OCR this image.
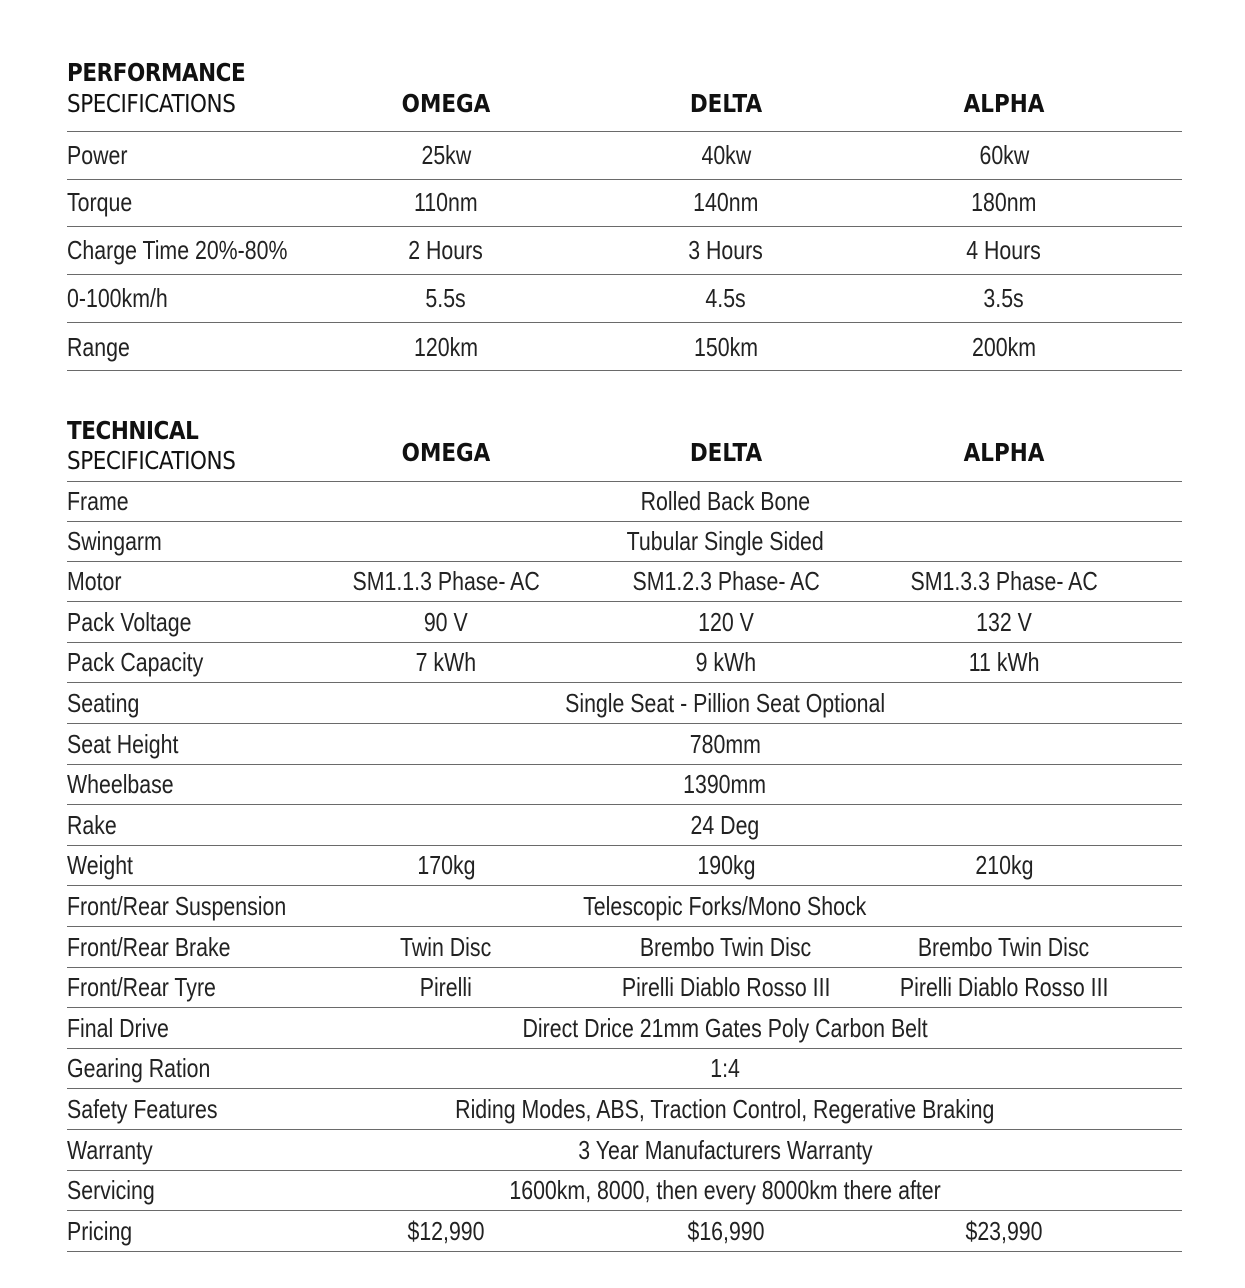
PERFORMANCE
SPECIFICATIONS	OMEGA	DELTA	ALPHA
Power	25kw	40kw	60kw
Torque	110nm	140nm	180nm
Charge Time 20%-80%	2 Hours	3 Hours	4 Hours
0-100km/h	5.5s	4.5s	3.5s
Range	120km	150km	200km
TECHNICAL
SPECIFICATIONS	OMEGA	DELTA	ALPHA
Frame	Rolled Back Bone
Swingarm	Tubular Single Sided
Motor	SM1.1.3 Phase- AC	SM1.2.3 Phase- AC	SM1.3.3 Phase- AC
Pack Voltage	90 V	120 V	132 V
Pack Capacity	7 kWh	9 kWh	11 kWh
Seating	Single Seat - Pillion Seat Optional
Seat Height	780mm
Wheelbase	1390mm
Rake	24 Deg
Weight	170kg	190kg	210kg
Front/Rear Suspension	Telescopic Forks/Mono Shock
Front/Rear Brake	Twin Disc	Brembo Twin Disc	Brembo Twin Disc
Front/Rear Tyre	Pirelli	Pirelli Diablo Rosso III	Pirelli Diablo Rosso III
Final Drive	Direct Drice 21mm Gates Poly Carbon Belt
Gearing Ration	1:4
Safety Features	Riding Modes, ABS, Traction Control, Regerative Braking
Warranty	3 Year Manufacturers Warranty
Servicing	1600km, 8000, then every 8000km there after
Pricing	$12,990	$16,990	$23,990
